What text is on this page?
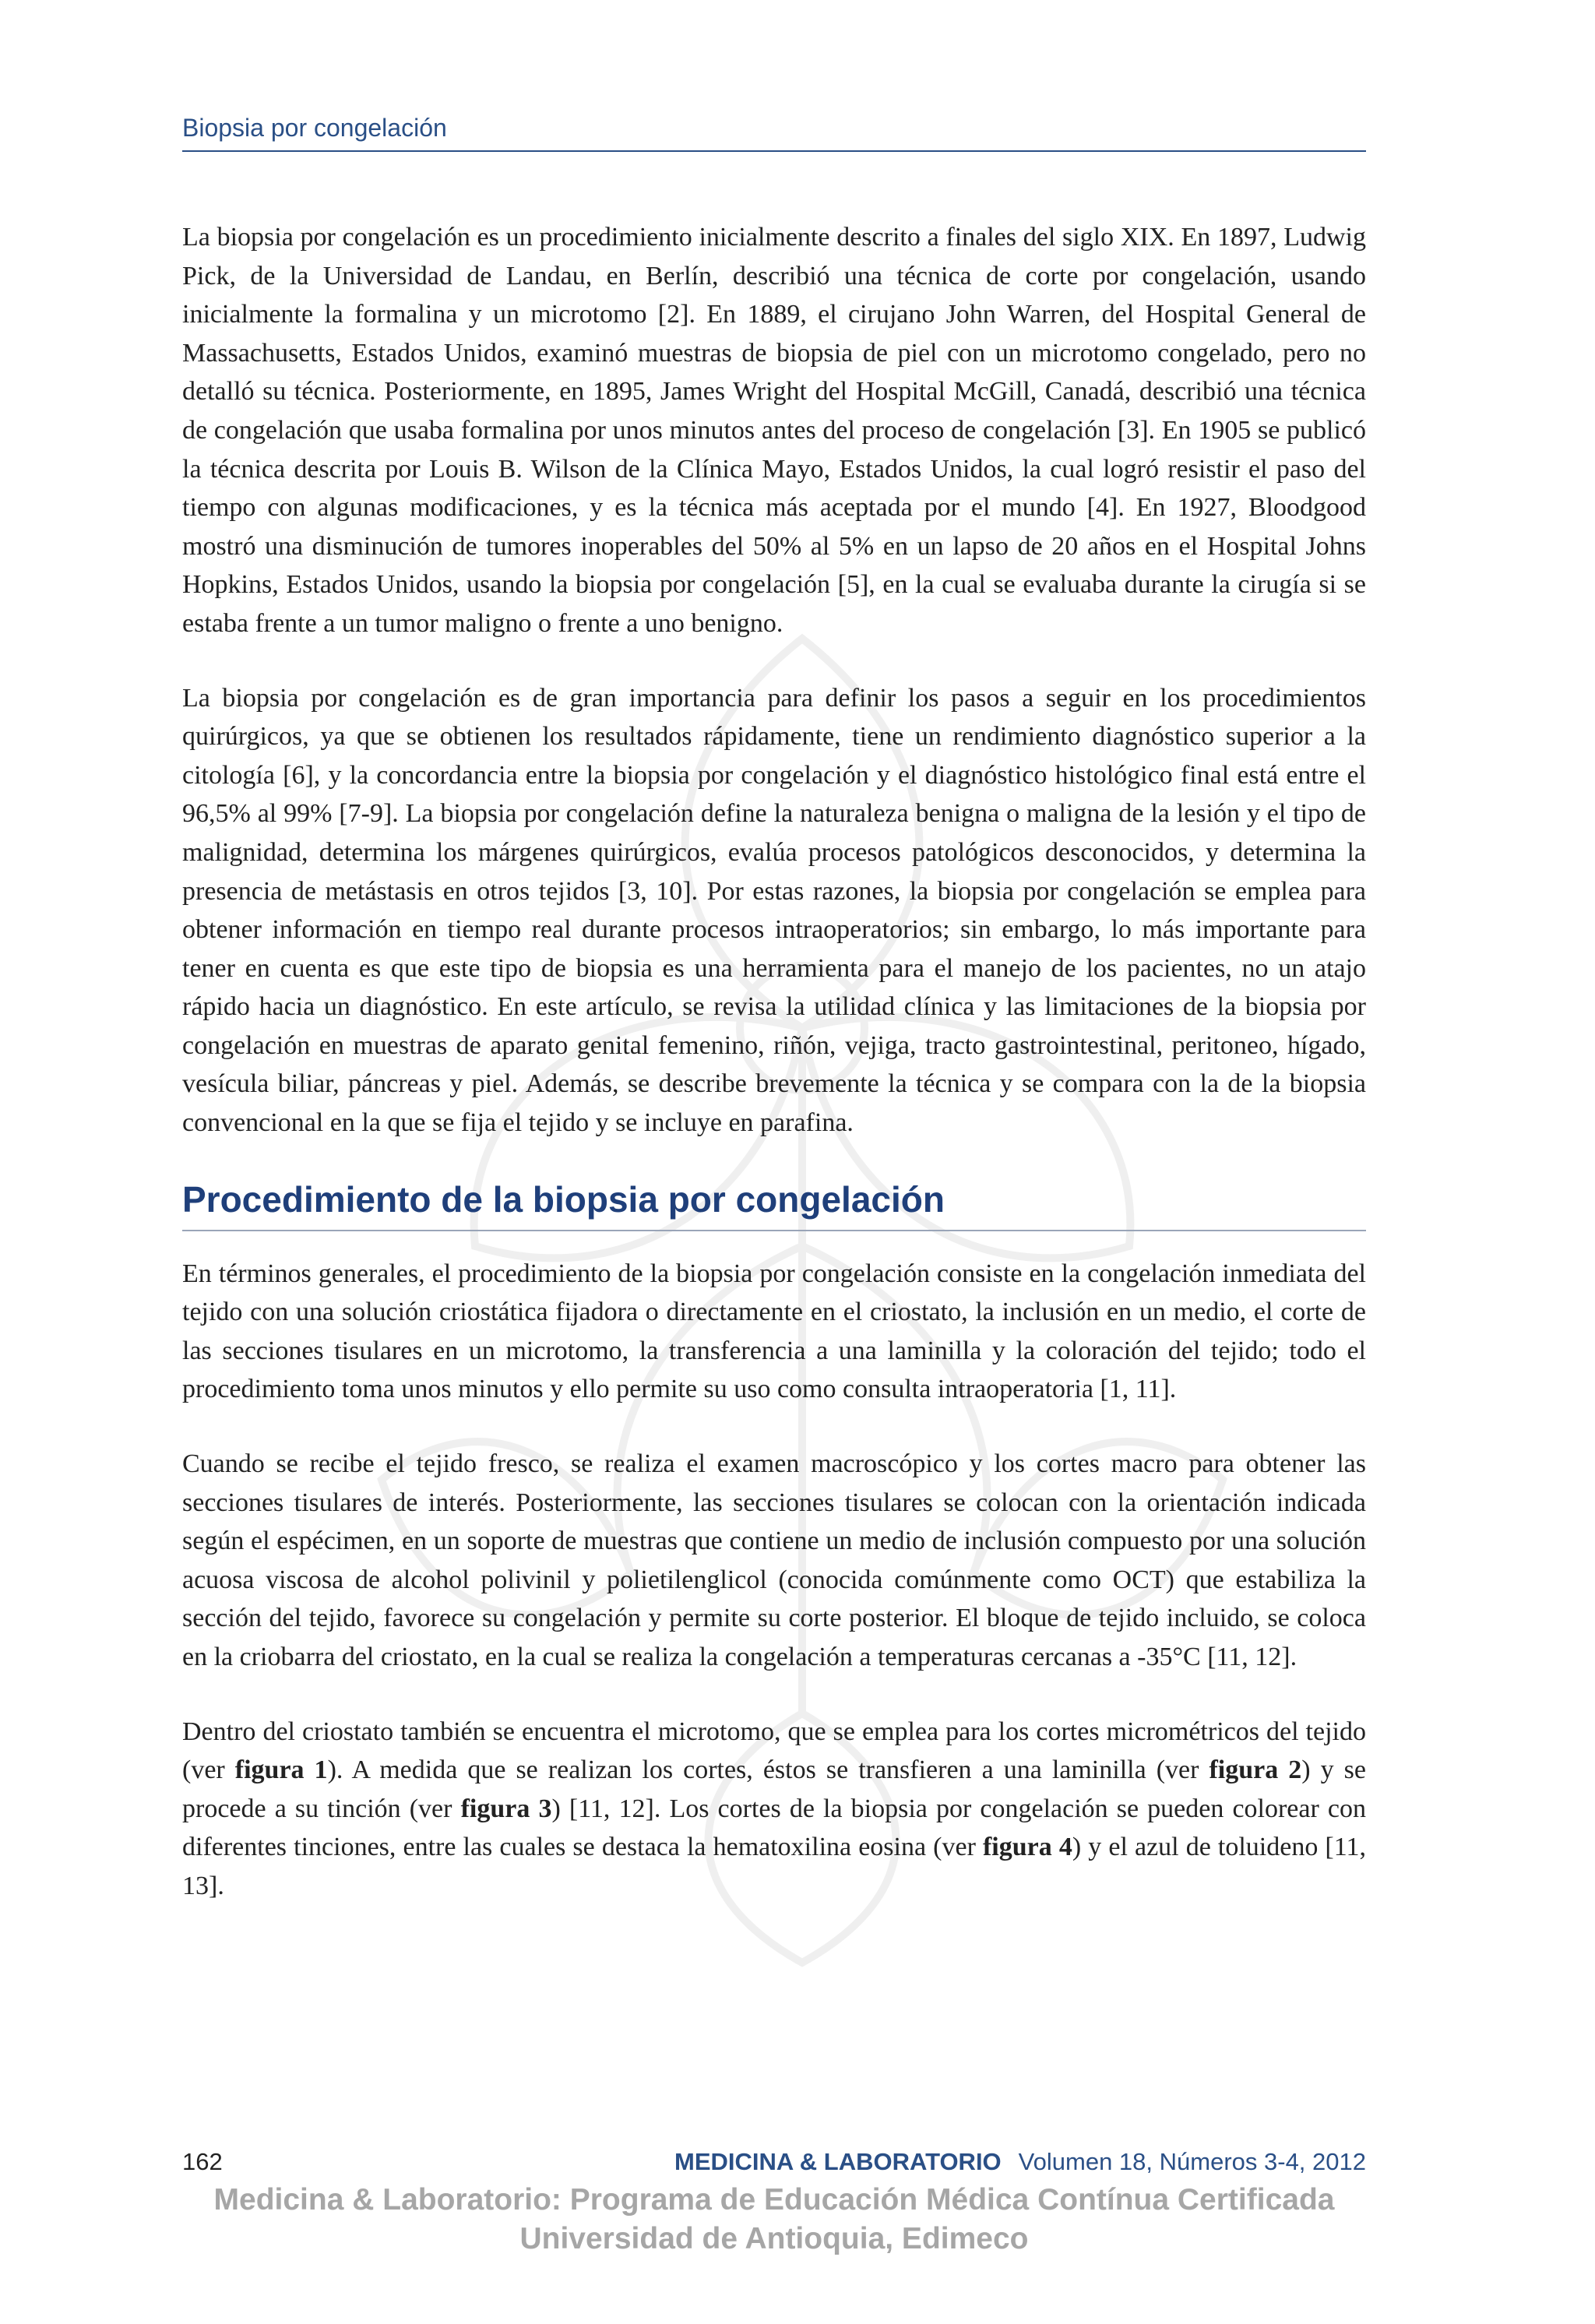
Biopsia por congelación

La biopsia por congelación es un procedimiento inicialmente descrito a finales del siglo XIX. En 1897, Ludwig Pick, de la Universidad de Landau, en Berlín, describió una técnica de corte por congelación, usando inicialmente la formalina y un microtomo [2]. En 1889, el cirujano John Warren, del Hospital General de Massachusetts, Estados Unidos, examinó muestras de biopsia de piel con un microtomo congelado, pero no detalló su técnica. Posteriormente, en 1895, James Wright del Hospital McGill, Canadá, describió una técnica de congelación que usaba formalina por unos minutos antes del proceso de congelación [3]. En 1905 se publicó la técnica descrita por Louis B. Wilson de la Clínica Mayo, Estados Unidos, la cual logró resistir el paso del tiempo con algunas modificaciones, y es la técnica más aceptada por el mundo [4]. En 1927, Bloodgood mostró una disminución de tumores inoperables del 50% al 5% en un lapso de 20 años en el Hospital Johns Hopkins, Estados Unidos, usando la biopsia por congelación [5], en la cual se evaluaba durante la cirugía si se estaba frente a un tumor maligno o frente a uno benigno.

La biopsia por congelación es de gran importancia para definir los pasos a seguir en los procedimientos quirúrgicos, ya que se obtienen los resultados rápidamente, tiene un rendimiento diagnóstico superior a la citología [6], y la concordancia entre la biopsia por congelación y el diagnóstico histológico final está entre el 96,5% al 99% [7-9]. La biopsia por congelación define la naturaleza benigna o maligna de la lesión y el tipo de malignidad, determina los márgenes quirúrgicos, evalúa procesos patológicos desconocidos, y determina la presencia de metástasis en otros tejidos [3, 10]. Por estas razones, la biopsia por congelación se emplea para obtener información en tiempo real durante procesos intraoperatorios; sin embargo, lo más importante para tener en cuenta es que este tipo de biopsia es una herramienta para el manejo de los pacientes, no un atajo rápido hacia un diagnóstico. En este artículo, se revisa la utilidad clínica y las limitaciones de la biopsia por congelación en muestras de aparato genital femenino, riñón, vejiga, tracto gastrointestinal, peritoneo, hígado, vesícula biliar, páncreas y piel. Además, se describe brevemente la técnica y se compara con la de la biopsia convencional en la que se fija el tejido y se incluye en parafina.

Procedimiento de la biopsia por congelación

En términos generales, el procedimiento de la biopsia por congelación consiste en la congelación inmediata del tejido con una solución criostática fijadora o directamente en el criostato, la inclusión en un medio, el corte de las secciones tisulares en un microtomo, la transferencia a una laminilla y la coloración del tejido; todo el procedimiento toma unos minutos y ello permite su uso como consulta intraoperatoria [1, 11].

Cuando se recibe el tejido fresco, se realiza el examen macroscópico y los cortes macro para obtener las secciones tisulares de interés. Posteriormente, las secciones tisulares se colocan con la orientación indicada según el espécimen, en un soporte de muestras que contiene un medio de inclusión compuesto por una solución acuosa viscosa de alcohol polivinil y polietilenglicol (conocida comúnmente como OCT) que estabiliza la sección del tejido, favorece su congelación y permite su corte posterior. El bloque de tejido incluido, se coloca en la criobarra del criostato, en la cual se realiza la congelación a temperaturas cercanas a -35°C [11, 12].

Dentro del criostato también se encuentra el microtomo, que se emplea para los cortes micrométricos del tejido (ver figura 1). A medida que se realizan los cortes, éstos se transfieren a una laminilla (ver figura 2) y se procede a su tinción (ver figura 3) [11, 12]. Los cortes de la biopsia por congelación se pueden colorear con diferentes tinciones, entre las cuales se destaca la hematoxilina eosina (ver figura 4) y el azul de toluideno [11, 13].

162	MEDICINA & LABORATORIO Volumen 18, Números 3-4, 2012
Medicina & Laboratorio: Programa de Educación Médica Contínua Certificada
Universidad de Antioquia, Edimeco
